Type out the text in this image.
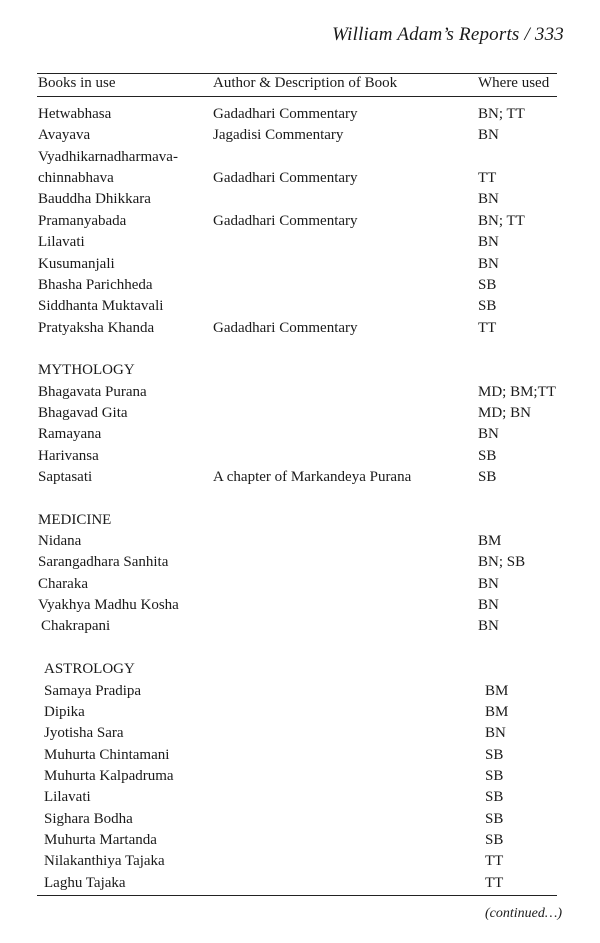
William Adam’s Reports / 333
Books in use	Author & Description of Book	Where used
Hetwabhasa	Gadadhari Commentary	BN; TT
Avayava	Jagadisi Commentary	BN
Vyadhikarnadharmava-
chinnabhava	Gadadhari Commentary	TT
Bauddha Dhikkara	BN
Pramanyabada	Gadadhari Commentary	BN; TT
Lilavati	BN
Kusumanjali	BN
Bhasha Parichheda	SB
Siddhanta Muktavali	SB
Pratyaksha Khanda	Gadadhari Commentary	TT
MYTHOLOGY
Bhagavata Purana	MD; BM;TT
Bhagavad Gita	MD; BN
Ramayana	BN
Harivansa	SB
Saptasati	A chapter of Markandeya Purana	SB
MEDICINE
Nidana	BM
Sarangadhara Sanhita	BN; SB
Charaka	BN
Vyakhya Madhu Kosha	BN
Chakrapani	BN
ASTROLOGY
Samaya Pradipa	BM
Dipika	BM
Jyotisha Sara	BN
Muhurta Chintamani	SB
Muhurta Kalpadruma	SB
Lilavati	SB
Sighara Bodha	SB
Muhurta Martanda	SB
Nilakanthiya Tajaka	TT
Laghu Tajaka	TT
(continued…)
